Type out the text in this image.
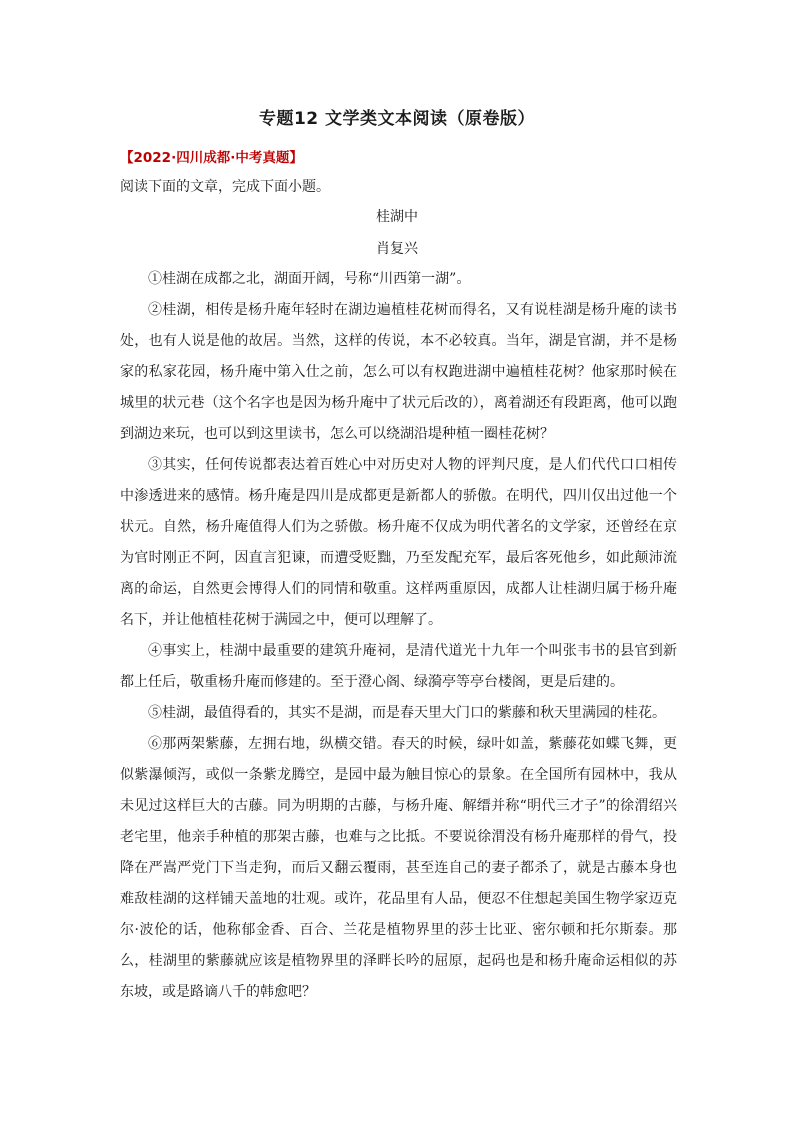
专题12 文学类文本阅读（原卷版）
【2022·四川成都·中考真题】
阅读下面的文章，完成下面小题。
桂湖中
肖复兴

①桂湖在成都之北，湖面开阔，号称“川西第一湖”。

②桂湖，相传是杨升庵年轻时在湖边遍植桂花树而得名，又有说桂湖是杨升庵的读书处，也有人说是他的故居。当然，这样的传说，本不必较真。当年，湖是官湖，并不是杨家的私家花园，杨升庵中第入仕之前，怎么可以有权跑进湖中遍植桂花树？他家那时候在城里的状元巷（这个名字也是因为杨升庵中了状元后改的），离着湖还有段距离，他可以跑到湖边来玩，也可以到这里读书，怎么可以绕湖沿堤种植一圈桂花树？

③其实，任何传说都表达着百姓心中对历史对人物的评判尺度，是人们代代口口相传中渗透进来的感情。杨升庵是四川是成都更是新都人的骄傲。在明代，四川仅出过他一个状元。自然，杨升庵值得人们为之骄傲。杨升庵不仅成为明代著名的文学家，还曾经在京为官时刚正不阿，因直言犯谏，而遭受贬黜，乃至发配充军，最后客死他乡，如此颠沛流离的命运，自然更会博得人们的同情和敬重。这样两重原因，成都人让桂湖归属于杨升庵名下，并让他植桂花树于满园之中，便可以理解了。

④事实上，桂湖中最重要的建筑升庵祠，是清代道光十九年一个叫张韦书的县官到新都上任后，敬重杨升庵而修建的。至于澄心阁、绿漪亭等亭台楼阁，更是后建的。

⑤桂湖，最值得看的，其实不是湖，而是春天里大门口的紫藤和秋天里满园的桂花。

⑥那两架紫藤，左拥右地，纵横交错。春天的时候，绿叶如盖，紫藤花如蝶飞舞，更似紫瀑倾泻，或似一条紫龙腾空，是园中最为触目惊心的景象。在全国所有园林中，我从未见过这样巨大的古藤。同为明期的古藤，与杨升庵、解缙并称“明代三才子”的徐渭绍兴老宅里，他亲手种植的那架古藤，也难与之比抵。不要说徐渭没有杨升庵那样的骨气，投降在严嵩严党门下当走狗，而后又翻云覆雨，甚至连自己的妻子都杀了，就是古藤本身也难敌桂湖的这样铺天盖地的壮观。或许，花品里有人品，便忍不住想起美国生物学家迈克尔·波伦的话，他称郁金香、百合、兰花是植物界里的莎士比亚、密尔顿和托尔斯泰。那么，桂湖里的紫藤就应该是植物界里的泽畔长吟的屈原，起码也是和杨升庵命运相似的苏东坡，或是路谪八千的韩愈吧？
